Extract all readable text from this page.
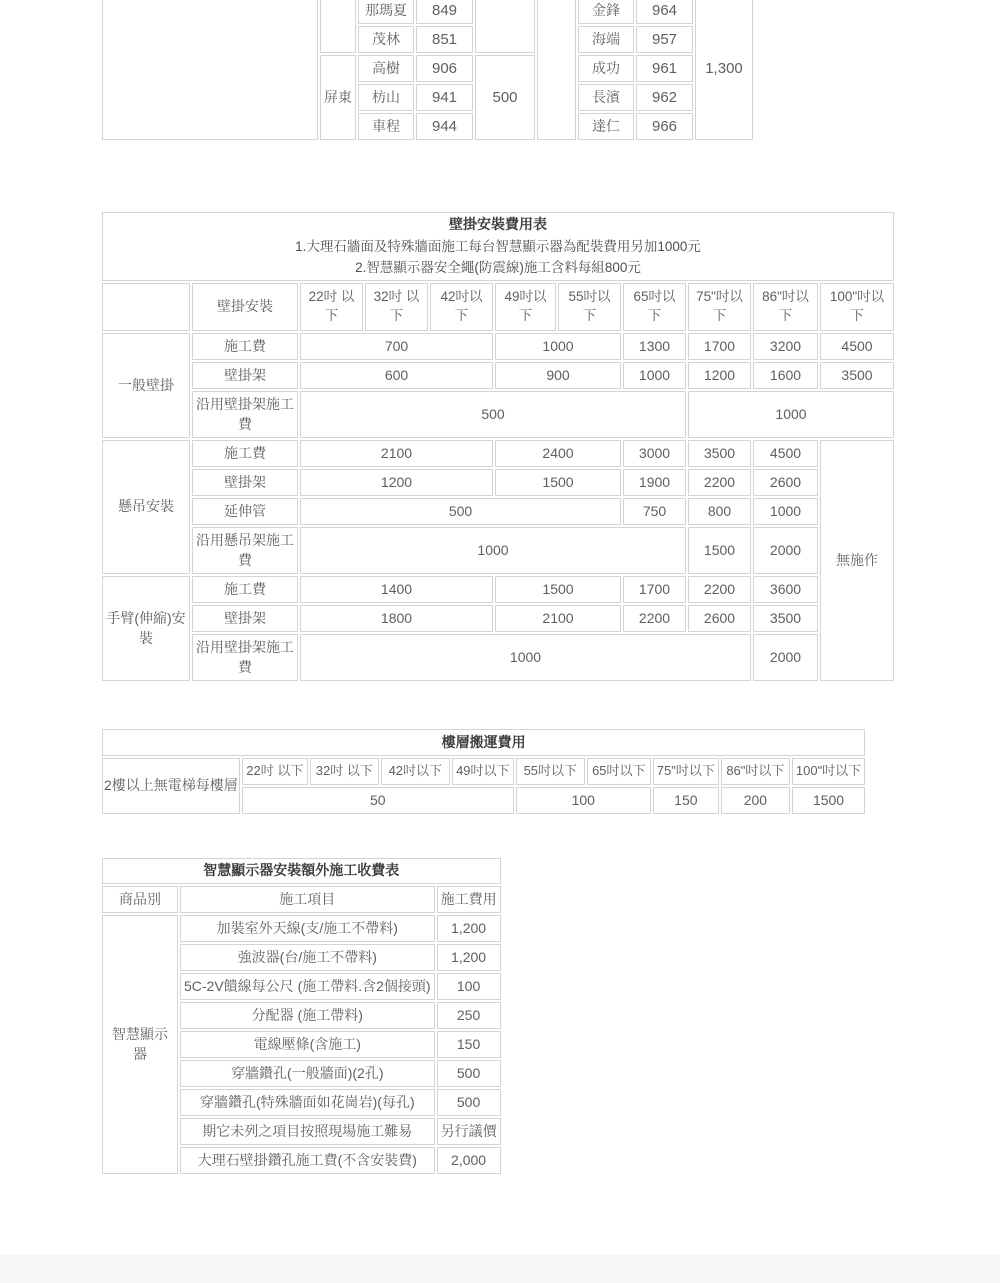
		那瑪夏	849			金鋒	964	1,300
		茂林	851			海端	957	
	屏東	高樹	906	500		成功	961	
		枋山	941			長濱	962	
		車程	944			達仁	966	
壁掛安裝費用表
1.大理石牆面及特殊牆面施工每台智慧顯示器為配裝費用另加1000元
2.智慧顯示器安全繩(防震線)施工含料每組800元										

	壁掛安裝	22吋 以下	32吋 以下	42吋以下	49吋以下	55吋以下	65吋以下	75"吋以下	86"吋以下	100"吋以下
一般壁掛	施工費	700			1000		1300	1700	3200	4500
	壁掛架	600			900		1000	1200	1600	3500
	沿用壁掛架施工費	500						1000		
懸吊安裝	施工費	2100			2400		3000	3500	4500	無施作
	壁掛架	1200			1500		1900	2200	2600	
	延伸管	500					750	800	1000	
	沿用懸吊架施工費	1000						1500	2000	
手臂(伸縮)安裝	施工費	1400			1500		1700	2200	3600	
	壁掛架	1800			2100		2200	2600	3500	
	沿用壁掛架施工費	1000							2000	
樓層搬運費用									
2樓以上無電梯每樓層	22吋 以下	32吋 以下	42吋以下	49吋以下	55吋以下	65吋以下	75"吋以下	86"吋以下	100"吋以下
	50				100		150	200	1500
智慧顯示器安裝額外施工收費表		
商品別	施工項目	施工費用
智慧顯示器	加裝室外天線(支/施工不帶料)	1,200
	強波器(台/施工不帶料)	1,200
	5C-2V饋線每公尺 (施工帶料.含2個接頭)	100
	分配器 (施工帶料)	250
	電線壓條(含施工)	150
	穿牆鑽孔(一般牆面)(2孔)	500
	穿牆鑽孔(特殊牆面如花崗岩)(每孔)	500
	期它未列之項目按照現場施工難易	另行議價
	大理石壁掛鑽孔施工費(不含安裝費)	2,000
